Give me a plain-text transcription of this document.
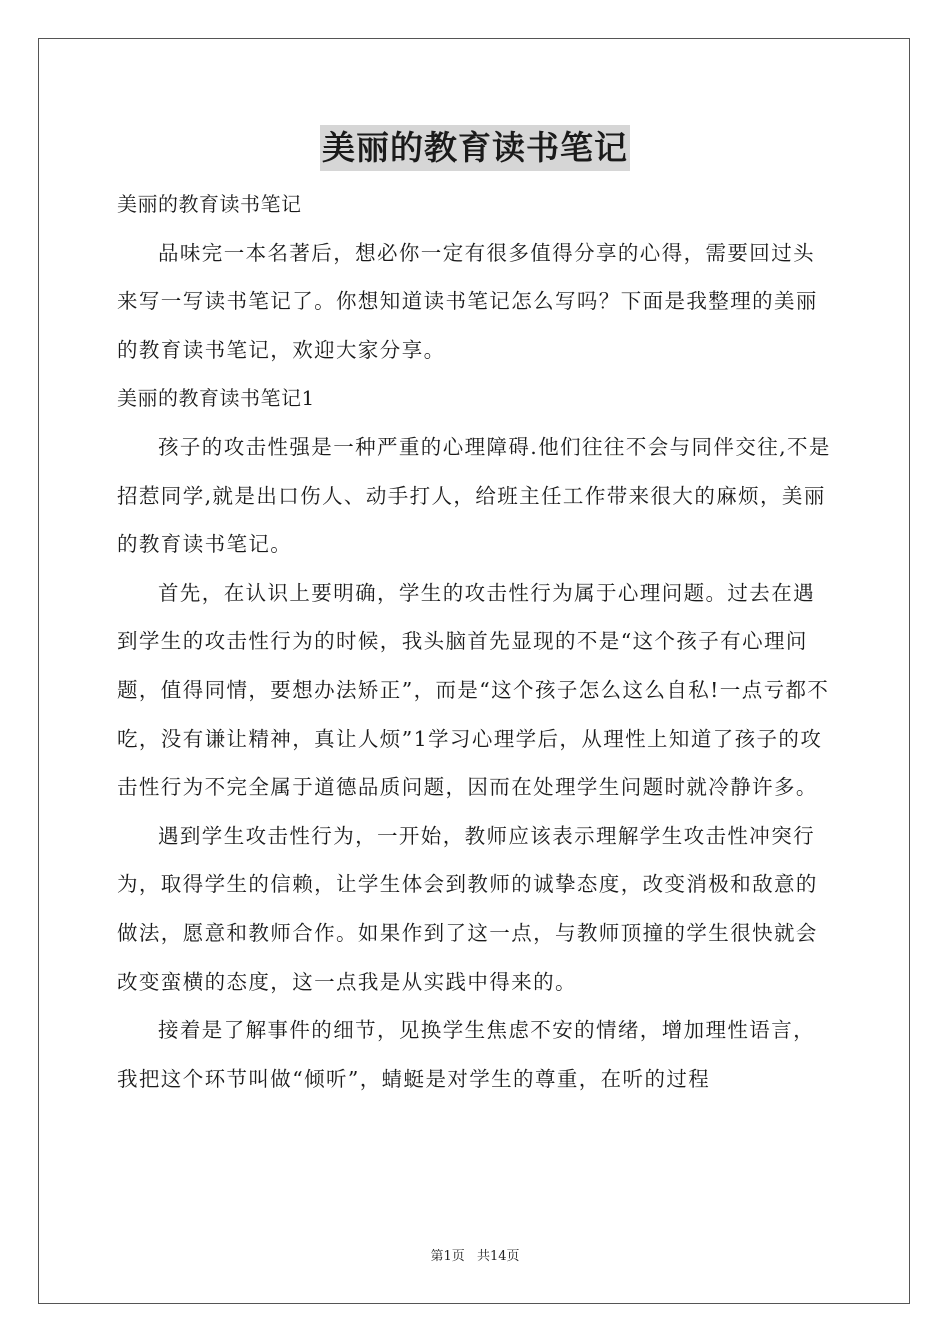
美丽的教育读书笔记

美丽的教育读书笔记

品味完一本名著后，想必你一定有很多值得分享的心得，需要回过头来写一写读书笔记了。你想知道读书笔记怎么写吗？下面是我整理的美丽的教育读书笔记，欢迎大家分享。

美丽的教育读书笔记1

孩子的攻击性强是一种严重的心理障碍.他们往往不会与同伴交往,不是招惹同学,就是出口伤人、动手打人，给班主任工作带来很大的麻烦，美丽的教育读书笔记。

首先，在认识上要明确，学生的攻击性行为属于心理问题。过去在遇到学生的攻击性行为的时候，我头脑首先显现的不是“这个孩子有心理问题，值得同情，要想办法矫正”，而是“这个孩子怎么这么自私!一点亏都不吃，没有谦让精神，真让人烦”1学习心理学后，从理性上知道了孩子的攻击性行为不完全属于道德品质问题，因而在处理学生问题时就冷静许多。

遇到学生攻击性行为，一开始，教师应该表示理解学生攻击性冲突行为，取得学生的信赖，让学生体会到教师的诚挚态度，改变消极和敌意的做法，愿意和教师合作。如果作到了这一点，与教师顶撞的学生很快就会改变蛮横的态度，这一点我是从实践中得来的。

接着是了解事件的细节，见换学生焦虑不安的情绪，增加理性语言，我把这个环节叫做“倾听”，蜻蜓是对学生的尊重，在听的过程

第1页 共14页
